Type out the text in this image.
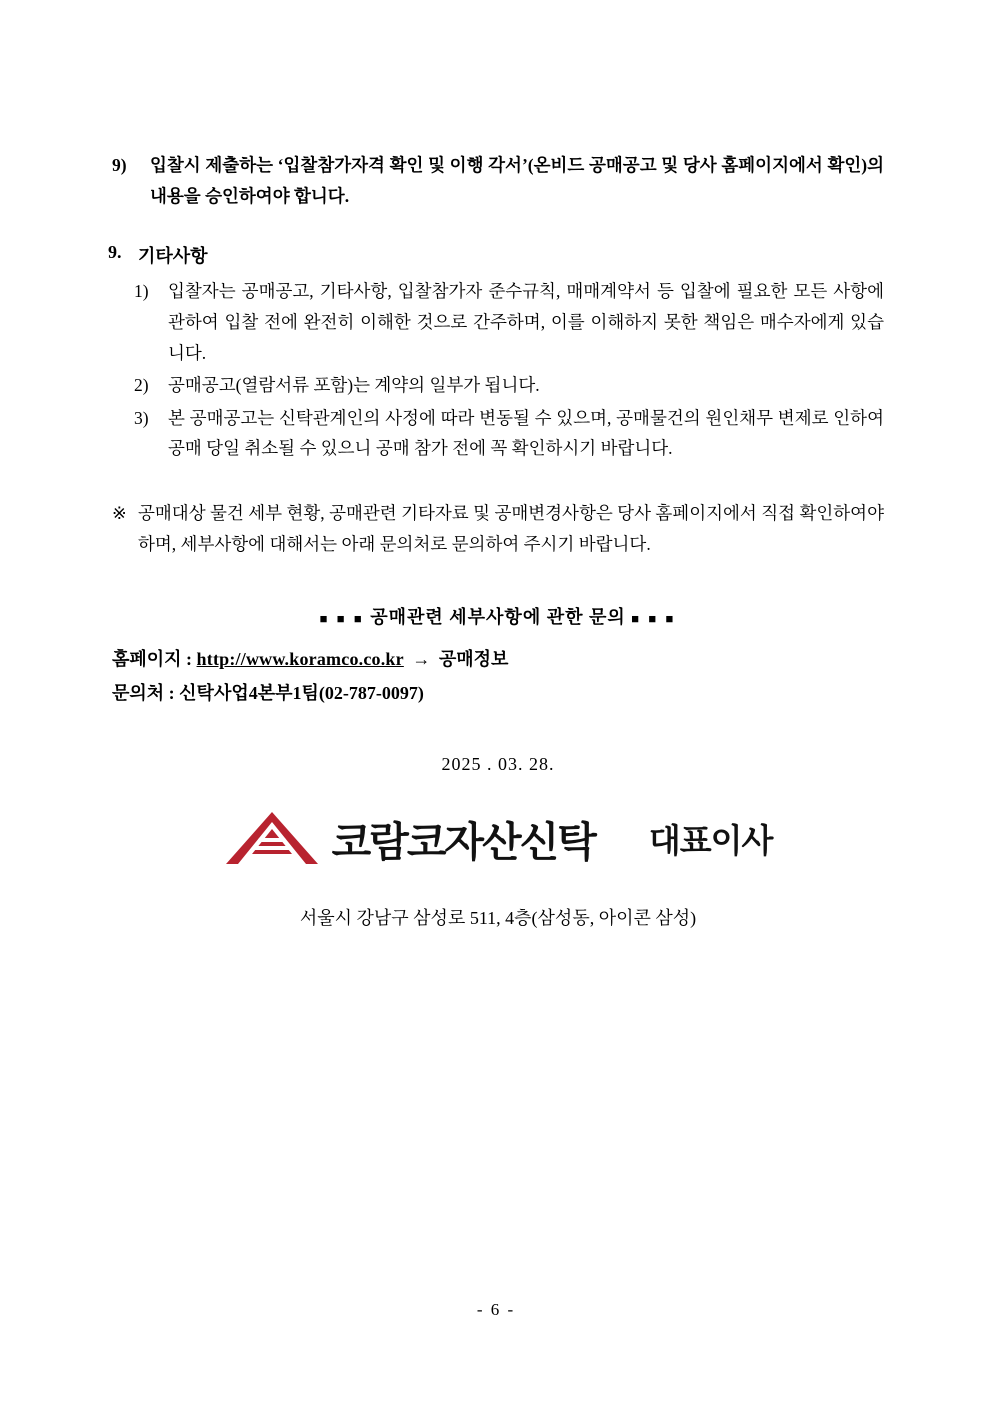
9)	입찰시 제출하는 ‘입찰참가자격 확인 및 이행 각서’(온비드 공매공고 및 당사 홈페이지에서 확인)의 내용을 승인하여야 합니다.
9. 기타사항
1)	입찰자는 공매공고, 기타사항, 입찰참가자 준수규칙, 매매계약서 등 입찰에 필요한 모든 사항에 관하여 입찰 전에 완전히 이해한 것으로 간주하며, 이를 이해하지 못한 책임은 매수자에게 있습니다.
2)	공매공고(열람서류 포함)는 계약의 일부가 됩니다.
3)	본 공매공고는 신탁관계인의 사정에 따라 변동될 수 있으며, 공매물건의 원인채무 변제로 인하여 공매 당일 취소될 수 있으니 공매 참가 전에 꼭 확인하시기 바랍니다.
※ 공매대상 물건 세부 현황, 공매관련 기타자료 및 공매변경사항은 당사 홈페이지에서 직접 확인하여야 하며, 세부사항에 대해서는 아래 문의처로 문의하여 주시기 바랍니다.
■ ■ ■ 공매관련 세부사항에 관한 문의 ■ ■ ■
홈페이지 : http://www.koramco.co.kr → 공매정보
문의처 : 신탁사업4본부1팀(02-787-0097)
2025 . 03. 28.
코람코자산신탁 대표이사
서울시 강남구 삼성로 511, 4층(삼성동, 아이콘 삼성)
- 6 -
